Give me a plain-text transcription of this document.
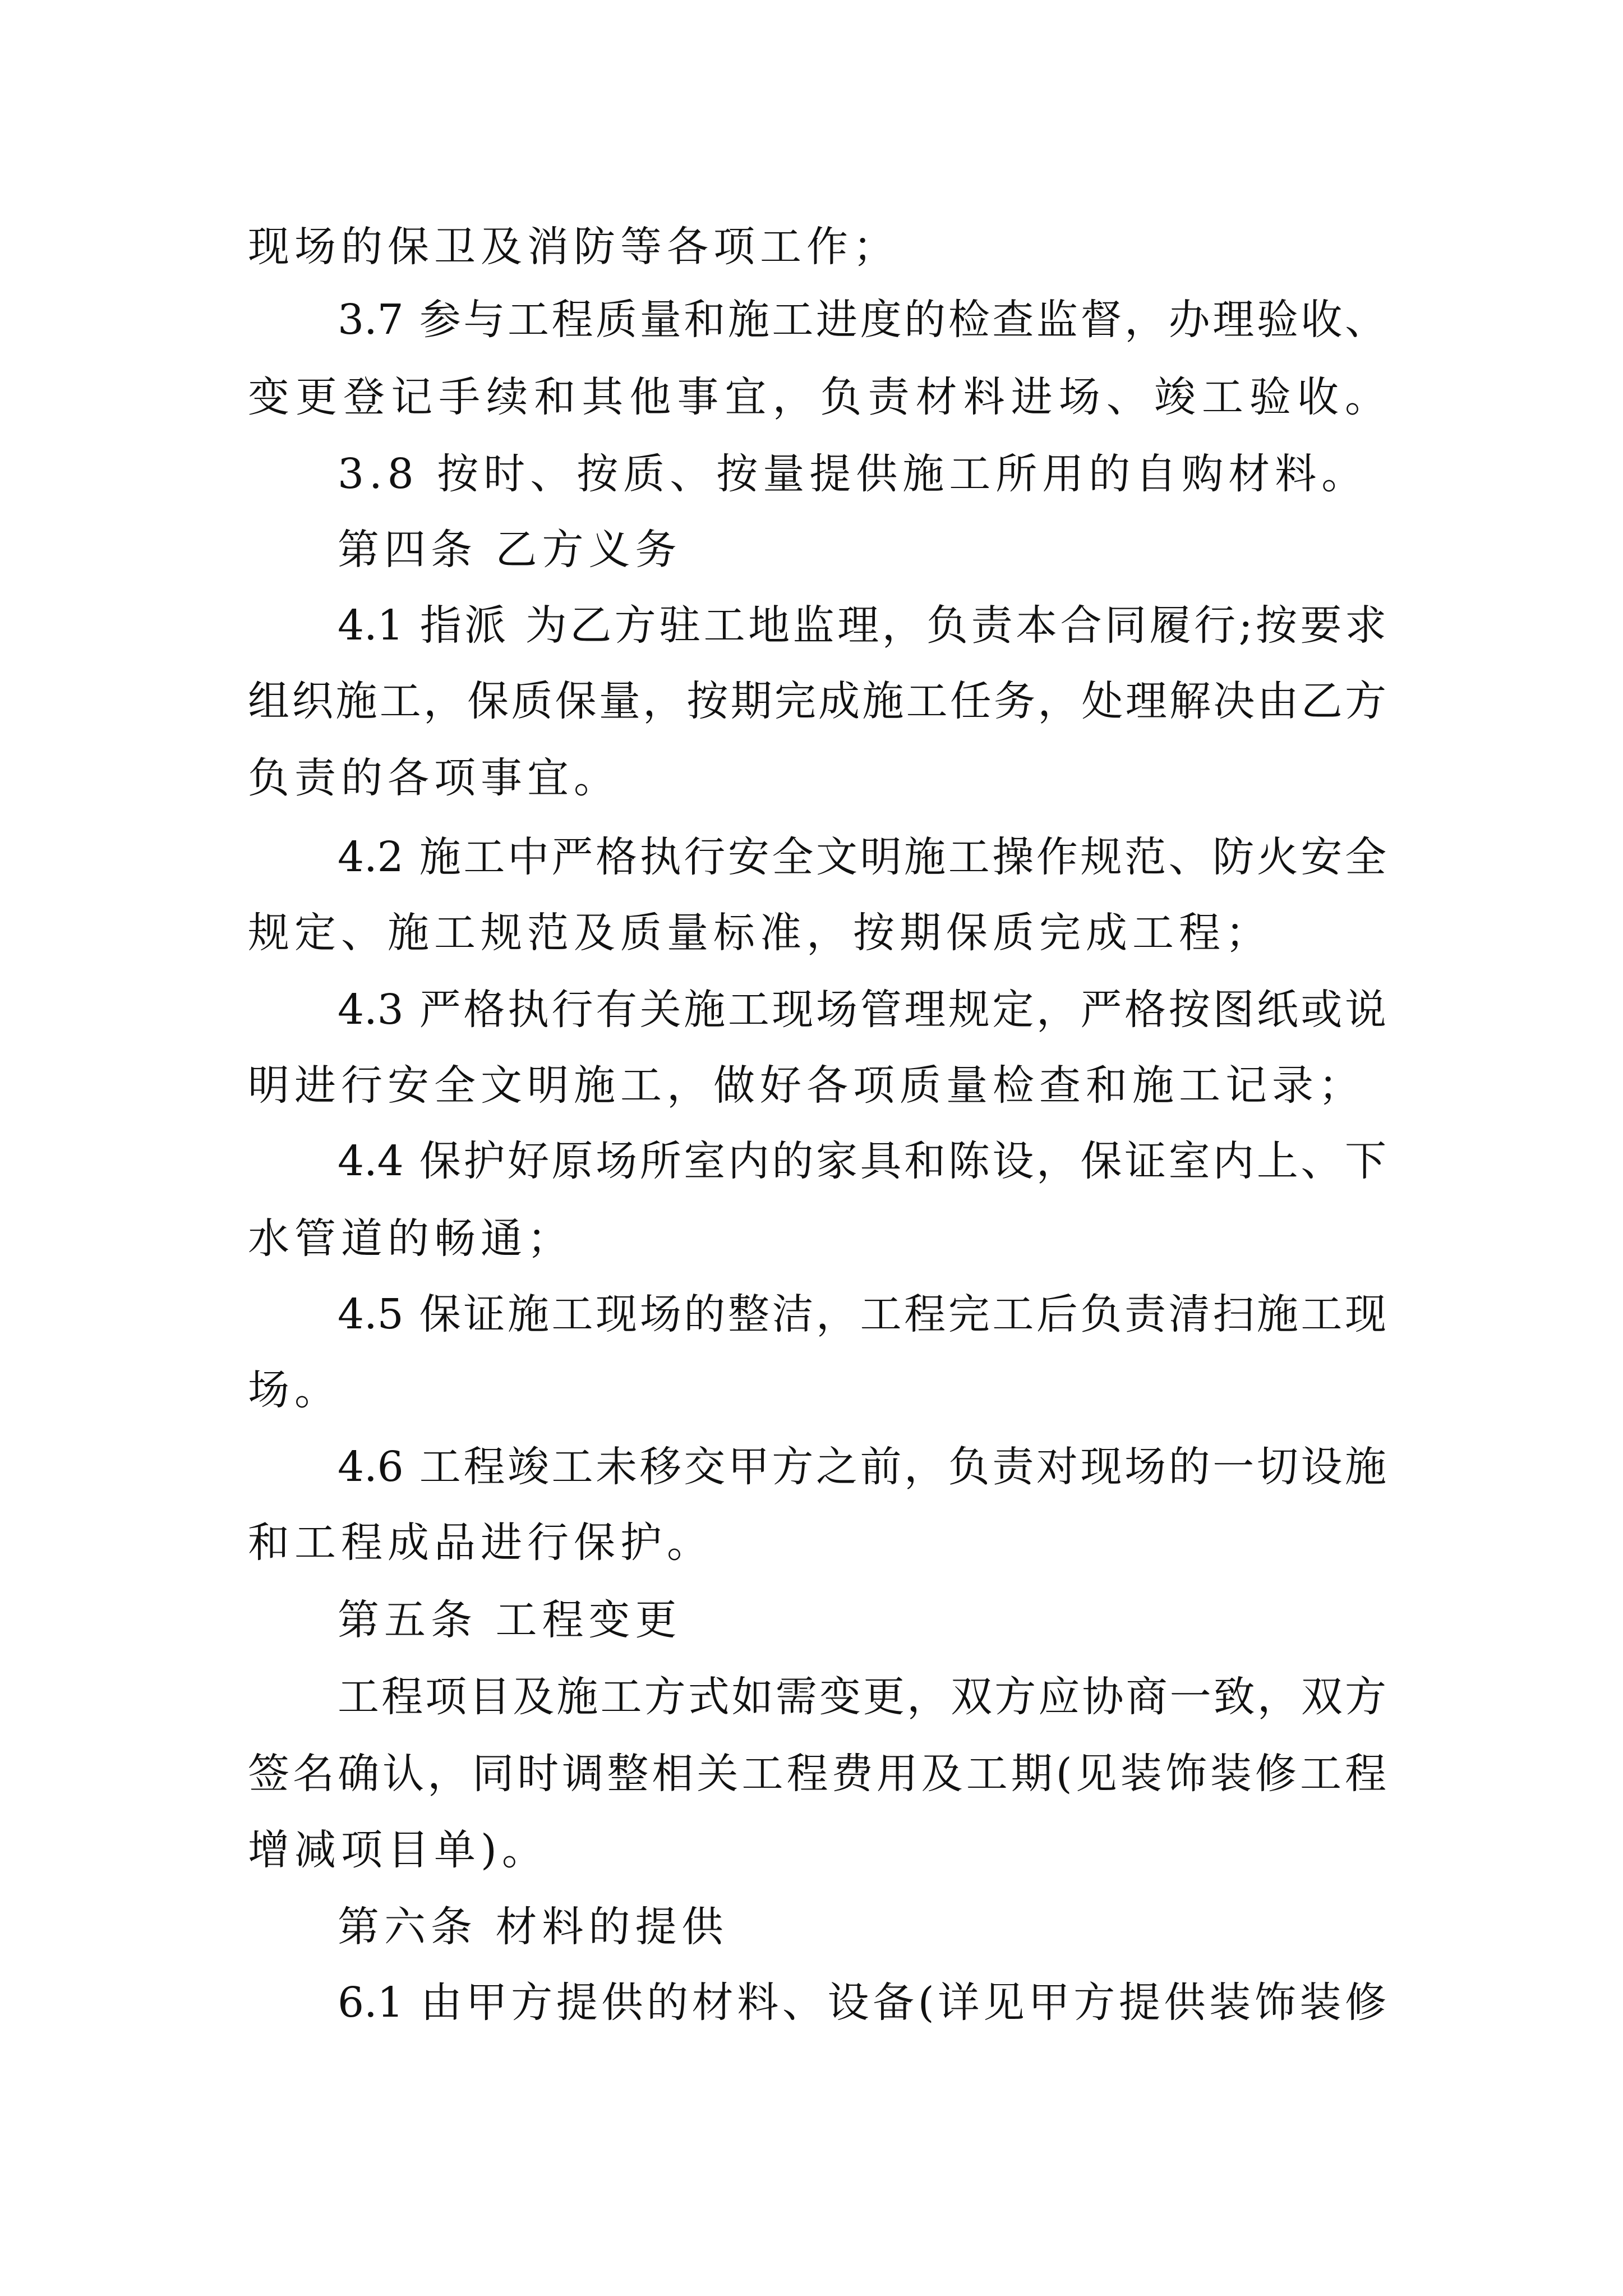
现场的保卫及消防等各项工作；
3.7 参与工程质量和施工进度的检查监督，办理验收、
变更登记手续和其他事宜，负责材料进场、竣工验收。
3.8 按时、按质、按量提供施工所用的自购材料。
第四条 乙方义务
4.1 指派 为乙方驻工地监理，负责本合同履行;按要求
组织施工，保质保量，按期完成施工任务，处理解决由乙方
负责的各项事宜。
4.2 施工中严格执行安全文明施工操作规范、防火安全
规定、施工规范及质量标准，按期保质完成工程；
4.3 严格执行有关施工现场管理规定，严格按图纸或说
明进行安全文明施工，做好各项质量检查和施工记录；
4.4 保护好原场所室内的家具和陈设，保证室内上、下
水管道的畅通；
4.5 保证施工现场的整洁，工程完工后负责清扫施工现
场。
4.6 工程竣工未移交甲方之前，负责对现场的一切设施
和工程成品进行保护。
第五条 工程变更
工程项目及施工方式如需变更，双方应协商一致，双方
签名确认，同时调整相关工程费用及工期(见装饰装修工程
增减项目单)。
第六条 材料的提供
6.1 由甲方提供的材料、设备(详见甲方提供装饰装修
